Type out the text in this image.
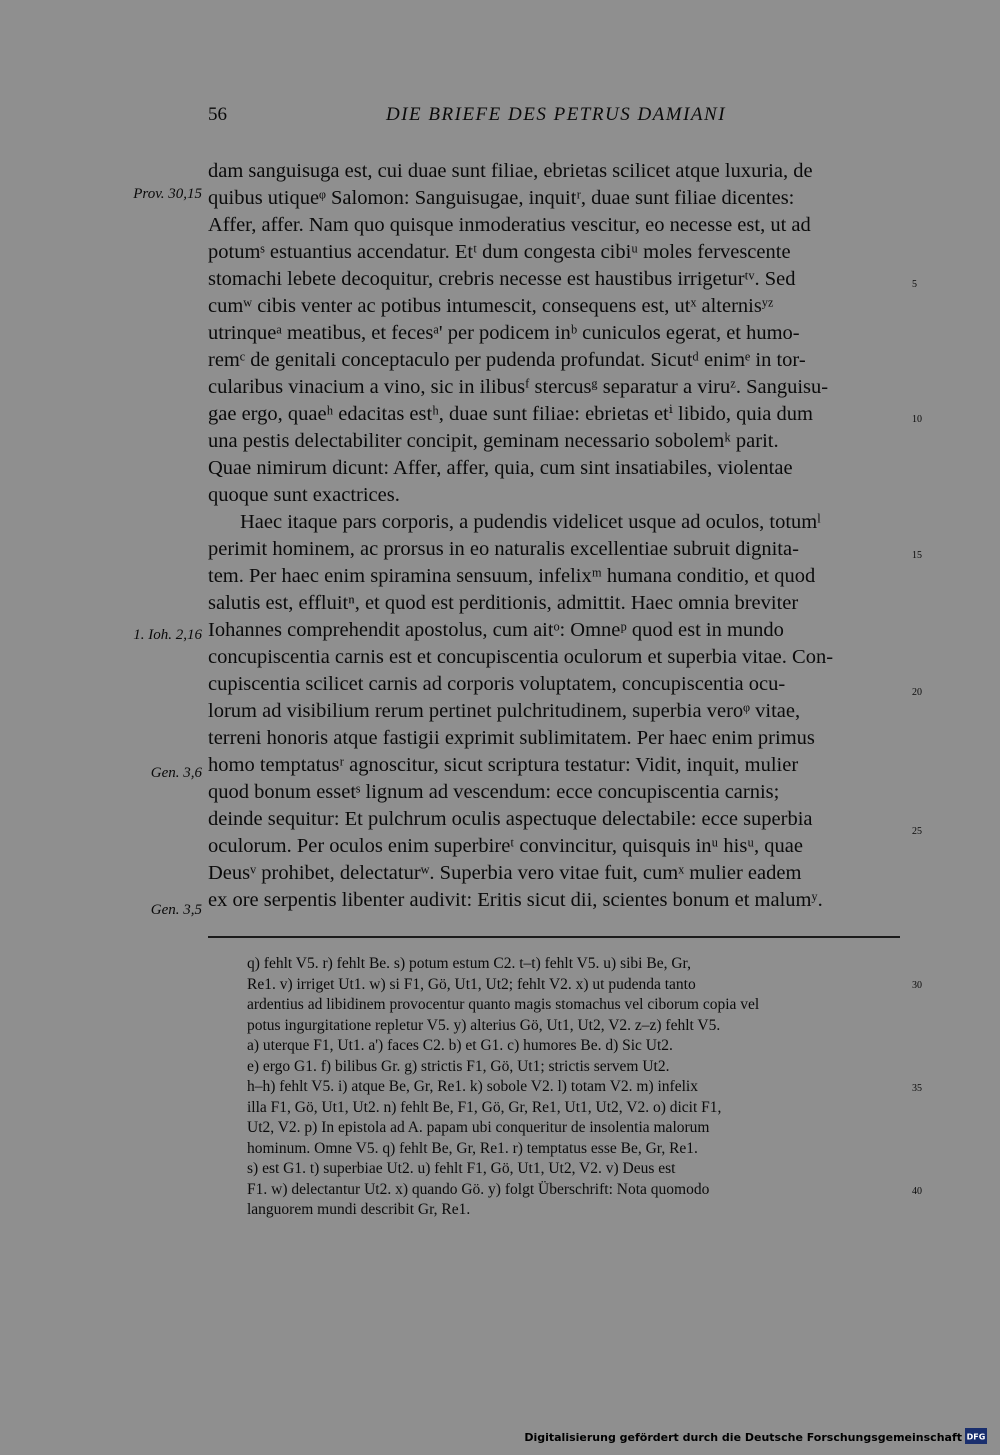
56	DIE BRIEFE DES PETRUS DAMIANI
Prov. 30,15
1. Ioh. 2,16
Gen. 3,6
Gen. 3,5
5
10
15
20
25
dam sanguisuga est, cui duae sunt filiae, ebrietas scilicet atque luxuria, de
quibus utiqueᵠ Salomon: Sanguisugae, inquitʳ, duae sunt filiae dicentes:
Affer, affer. Nam quo quisque inmoderatius vescitur, eo necesse est, ut ad
potumˢ estuantius accendatur. Etᵗ dum congesta cibiᵘ moles fervescente
stomachi lebete decoquitur, crebris necesse est haustibus irrigeturᵗᵛ. Sed
cumʷ cibis venter ac potibus intumescit, consequens est, utˣ alternisʸᶻ
utrinqueᵃ meatibus, et fecesᵃ' per podicem inᵇ cuniculos egerat, et humo-
remᶜ de genitali conceptaculo per pudenda profundat. Sicutᵈ enimᵉ in tor-
cularibus vinacium a vino, sic in ilibusᶠ stercusᵍ separatur a viruᶻ. Sanguisu-
gae ergo, quaeʰ edacitas estʰ, duae sunt filiae: ebrietas etⁱ libido, quia dum
una pestis delectabiliter concipit, geminam necessario sobolemᵏ parit.
Quae nimirum dicunt: Affer, affer, quia, cum sint insatiabiles, violentae
quoque sunt exactrices.
Haec itaque pars corporis, a pudendis videlicet usque ad oculos, totumˡ
perimit hominem, ac prorsus in eo naturalis excellentiae subruit dignita-
tem. Per haec enim spiramina sensuum, infelixᵐ humana conditio, et quod
salutis est, effluitⁿ, et quod est perditionis, admittit. Haec omnia breviter
Iohannes comprehendit apostolus, cum aitᵒ: Omneᵖ quod est in mundo
concupiscentia carnis est et concupiscentia oculorum et superbia vitae. Con-
cupiscentia scilicet carnis ad corporis voluptatem, concupiscentia ocu-
lorum ad visibilium rerum pertinet pulchritudinem, superbia veroᵠ vitae,
terreni honoris atque fastigii exprimit sublimitatem. Per haec enim primus
homo temptatusʳ agnoscitur, sicut scriptura testatur: Vidit, inquit, mulier
quod bonum essetˢ lignum ad vescendum: ecce concupiscentia carnis;
deinde sequitur: Et pulchrum oculis aspectuque delectabile: ecce superbia
oculorum. Per oculos enim superbireᵗ convincitur, quisquis inᵘ hisᵘ, quae
Deusᵛ prohibet, delectaturʷ. Superbia vero vitae fuit, cumˣ mulier eadem
ex ore serpentis libenter audivit: Eritis sicut dii, scientes bonum et malumʸ.
30
35
40
q) fehlt V5. r) fehlt Be. s) potum estum C2. t–t) fehlt V5. u) sibi Be, Gr,
Re1. v) irriget Ut1. w) si F1, Gö, Ut1, Ut2; fehlt V2. x) ut pudenda tanto
ardentius ad libidinem provocentur quanto magis stomachus vel ciborum copia vel
potus ingurgitatione repletur V5. y) alterius Gö, Ut1, Ut2, V2. z–z) fehlt V5.
a) uterque F1, Ut1. a') faces C2. b) et G1. c) humores Be. d) Sic Ut2.
e) ergo G1. f) bilibus Gr. g) strictis F1, Gö, Ut1; strictis servem Ut2.
h–h) fehlt V5. i) atque Be, Gr, Re1. k) sobole V2. l) totam V2. m) infelix
illa F1, Gö, Ut1, Ut2. n) fehlt Be, F1, Gö, Gr, Re1, Ut1, Ut2, V2. o) dicit F1,
Ut2, V2. p) In epistola ad A. papam ubi conqueritur de insolentia malorum
hominum. Omne V5. q) fehlt Be, Gr, Re1. r) temptatus esse Be, Gr, Re1.
s) est G1. t) superbiae Ut2. u) fehlt F1, Gö, Ut1, Ut2, V2. v) Deus est
F1. w) delectantur Ut2. x) quando Gö. y) folgt Überschrift: Nota quomodo
languorem mundi describit Gr, Re1.
Digitalisierung gefördert durch die Deutsche Forschungsgemeinschaft DFG
